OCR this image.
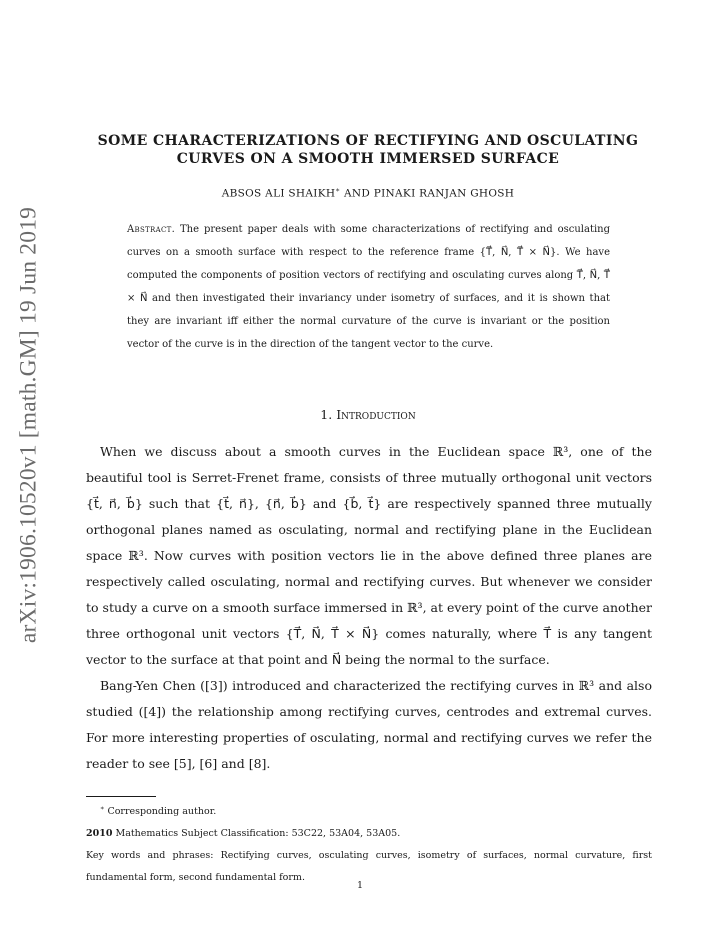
arXiv:1906.10520v1 [math.GM] 19 Jun 2019
SOME CHARACTERIZATIONS OF RECTIFYING AND OSCULATING CURVES ON A SMOOTH IMMERSED SURFACE
ABSOS ALI SHAIKH∗ AND PINAKI RANJAN GHOSH
Abstract. The present paper deals with some characterizations of rectifying and osculating curves on a smooth surface with respect to the reference frame {T⃗, N⃗, T⃗ × N⃗}. We have computed the components of position vectors of rectifying and osculating curves along T⃗, N⃗, T⃗ × N⃗ and then investigated their invariancy under isometry of surfaces, and it is shown that they are invariant iff either the normal curvature of the curve is invariant or the position vector of the curve is in the direction of the tangent vector to the curve.
1. Introduction

When we discuss about a smooth curves in the Euclidean space ℝ³, one of the beautiful tool is Serret-Frenet frame, consists of three mutually orthogonal unit vectors {t⃗, n⃗, b⃗} such that {t⃗, n⃗}, {n⃗, b⃗} and {b⃗, t⃗} are respectively spanned three mutually orthogonal planes named as osculating, normal and rectifying plane in the Euclidean space ℝ³. Now curves with position vectors lie in the above defined three planes are respectively called osculating, normal and rectifying curves. But whenever we consider to study a curve on a smooth surface immersed in ℝ³, at every point of the curve another three orthogonal unit vectors {T⃗, N⃗, T⃗ × N⃗} comes naturally, where T⃗ is any tangent vector to the surface at that point and N⃗ being the normal to the surface.

Bang-Yen Chen ([3]) introduced and characterized the rectifying curves in ℝ³ and also studied ([4]) the relationship among rectifying curves, centrodes and extremal curves. For more interesting properties of osculating, normal and rectifying curves we refer the reader to see [5], [6] and [8].

∗ Corresponding author.

2010 Mathematics Subject Classification: 53C22, 53A04, 53A05.

Key words and phrases: Rectifying curves, osculating curves, isometry of surfaces, normal curvature, first fundamental form, second fundamental form.

1
